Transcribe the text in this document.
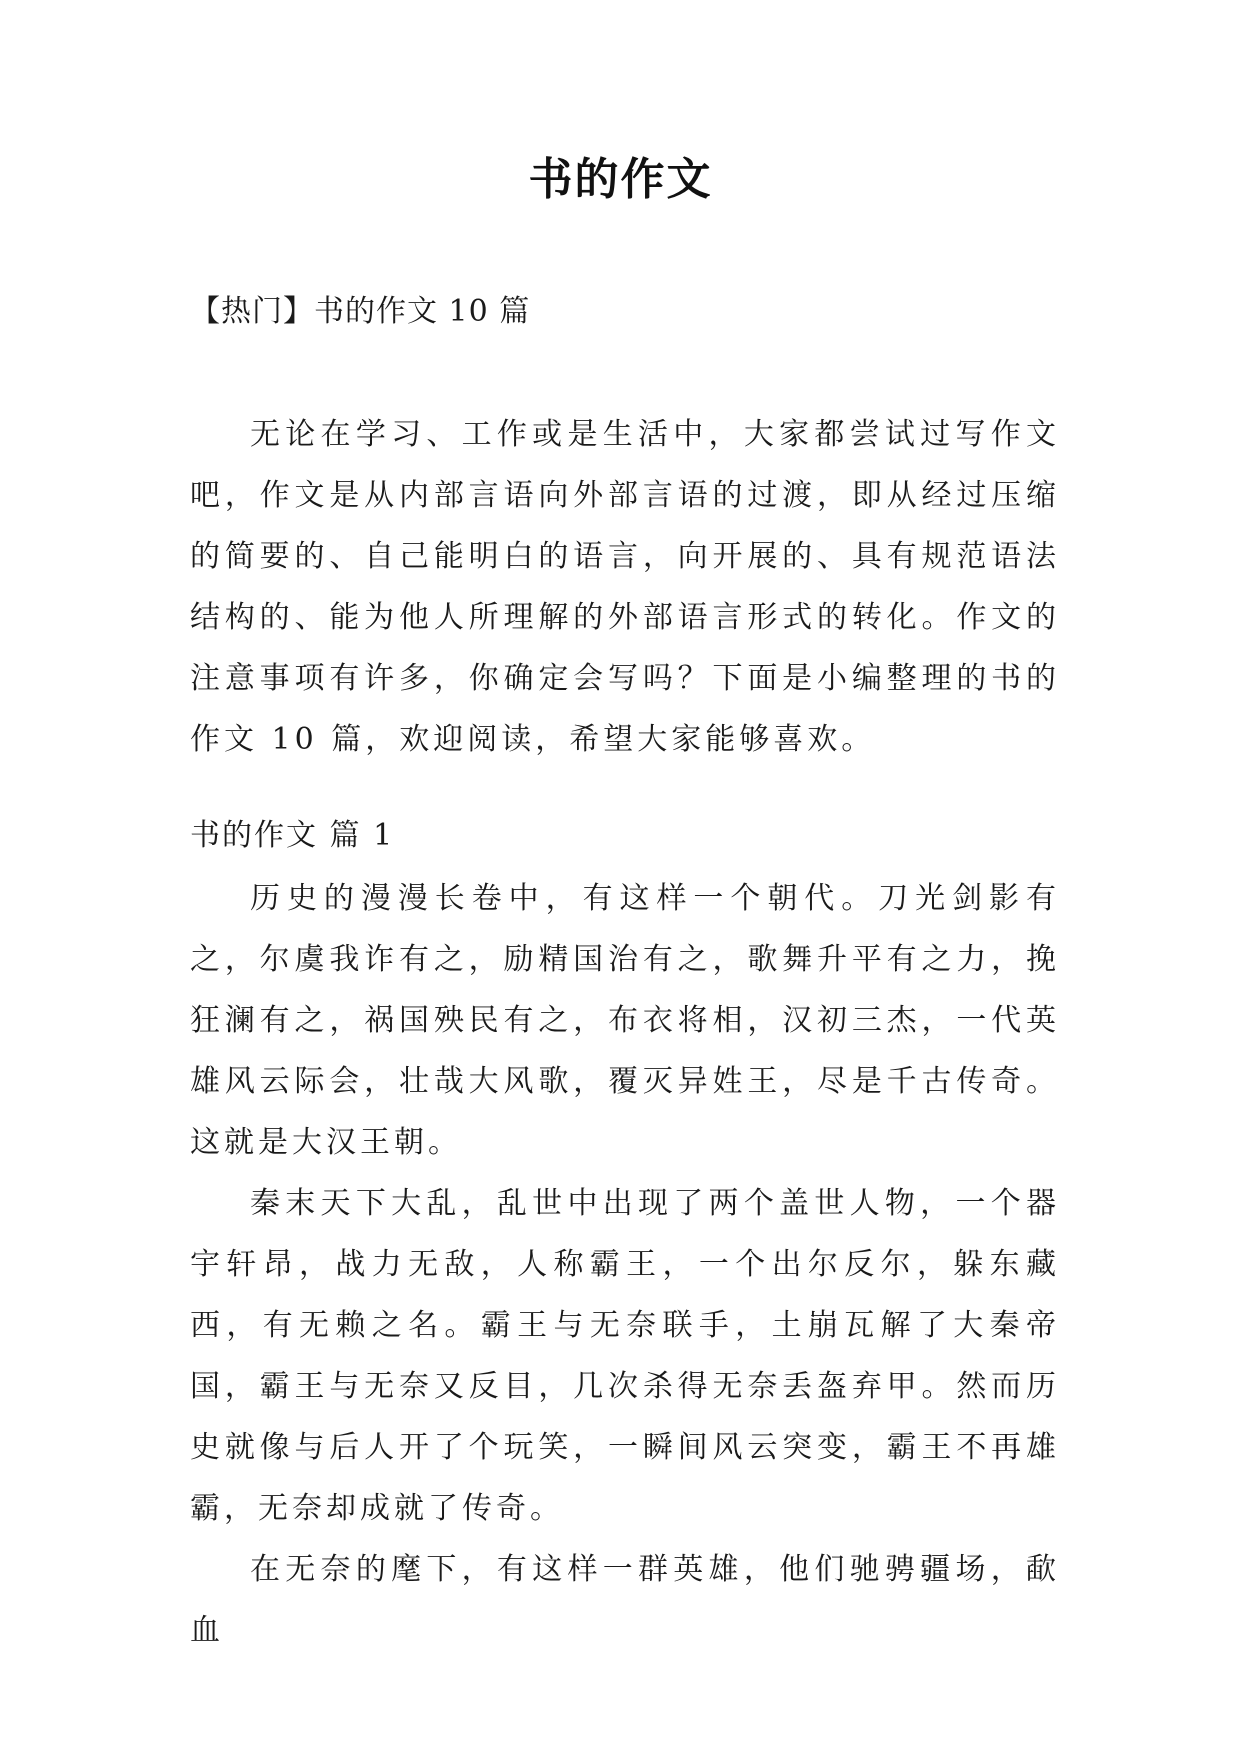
书的作文
【热门】书的作文 10 篇

无论在学习、工作或是生活中，大家都尝试过写作文吧，作文是从内部言语向外部言语的过渡，即从经过压缩的简要的、自己能明白的语言，向开展的、具有规范语法结构的、能为他人所理解的外部语言形式的转化。作文的注意事项有许多，你确定会写吗？下面是小编整理的书的作文 10 篇，欢迎阅读，希望大家能够喜欢。

书的作文 篇 1

历史的漫漫长卷中，有这样一个朝代。刀光剑影有之，尔虞我诈有之，励精国治有之，歌舞升平有之力，挽狂澜有之，祸国殃民有之，布衣将相，汉初三杰，一代英雄风云际会，壮哉大风歌，覆灭异姓王，尽是千古传奇。这就是大汉王朝。

秦末天下大乱，乱世中出现了两个盖世人物，一个器宇轩昂，战力无敌，人称霸王，一个出尔反尔，躲东藏西，有无赖之名。霸王与无奈联手，土崩瓦解了大秦帝国，霸王与无奈又反目，几次杀得无奈丢盔弃甲。然而历史就像与后人开了个玩笑，一瞬间风云突变，霸王不再雄霸，无奈却成就了传奇。

在无奈的麾下，有这样一群英雄，他们驰骋疆场，歃血
